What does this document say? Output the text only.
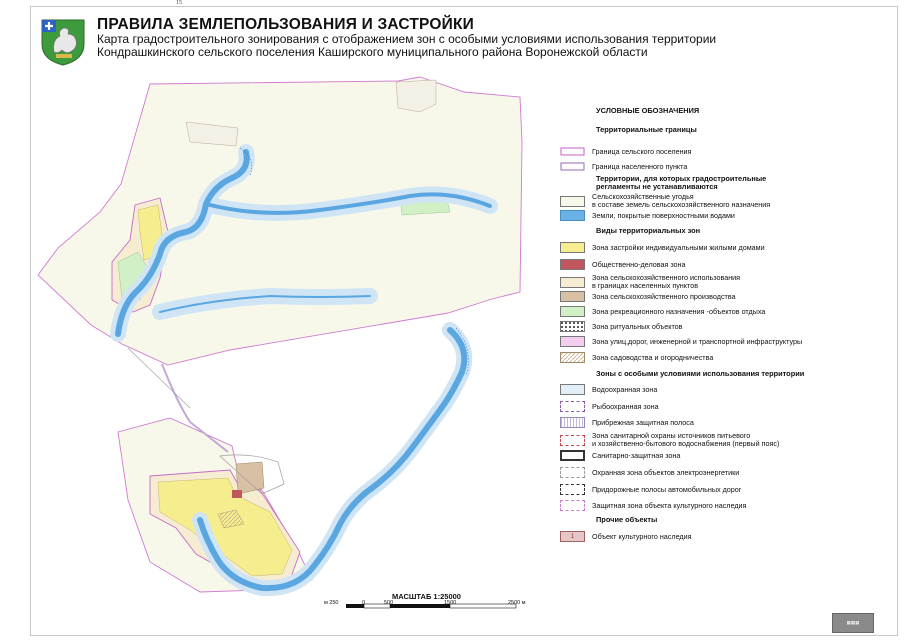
15
ПРАВИЛА ЗЕМЛЕПОЛЬЗОВАНИЯ И ЗАСТРОЙКИ
Карта градостроительного зонирования с отображением зон с особыми условиями использования территории
Кондрашкинского сельского поселения Каширского муниципального района Воронежской области
МАСШТАБ 1:25000
м 250	0	500	1500	2500 м
УСЛОВНЫЕ ОБОЗНАЧЕНИЯ
Территориальные границы
Граница сельского поселения
Граница населенного пункта
Территории, для которых градостроительные
регламенты не устанавливаются
Сельскохозяйственные угодья
в составе земель сельскохозяйственного назначения
Земли, покрытые поверхностными водами
Виды территориальных зон
Зона застройки индивидуальными жилыми домами
Общественно-деловая зона
Зона сельскохозяйственного использования
в границах населенных пунктов
Зона сельскохозяйственного производства
Зона рекреационного назначения -объектов отдыха
Зона ритуальных объектов
Зона улиц,дорог, инженерной и транспортной инфраструктуры
Зона садоводства и огородничества
Зоны с особыми условиями использования территории
Водоохранная зона
Рыбоохранная зона
Прибрежная защитная полоса
Зона санитарной охраны источников питьевого
и хозяйственно-бытового водоснабжения (первый пояс)
Санитарно-защитная зона
Охранная зона объектов электроэнергетики
Придорожные полосы автомобильных дорог
Защитная зона объекта культурного наследия
Прочие объекты
1	Объект культурного наследия
▦▦▦
